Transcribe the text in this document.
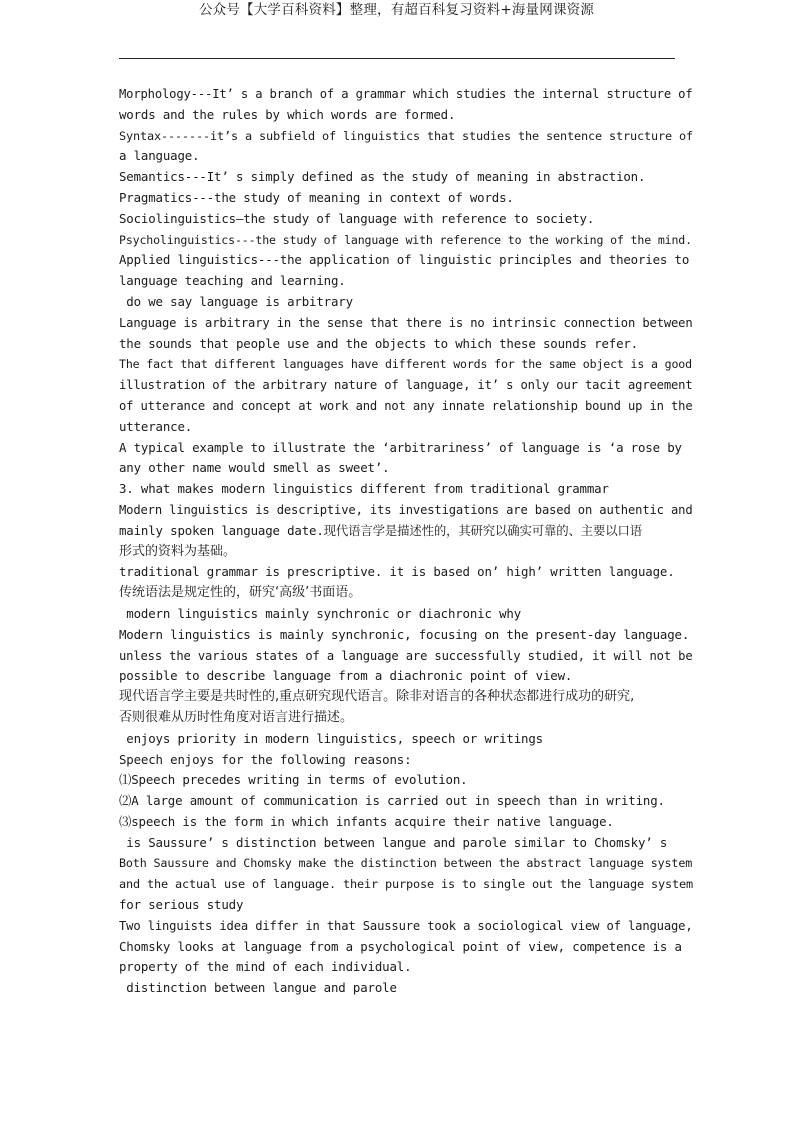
公众号【大学百科资料】整理，有超百科复习资料+海量网课资源
Morphology---It’ s a branch of a grammar which studies the internal structure of
words and the rules by which words are formed.
Syntax-------it’s a subfield of linguistics that studies the sentence structure of
a language.
Semantics---It’ s simply defined as the study of meaning in abstraction.
Pragmatics---the study of meaning in context of words.
Sociolinguistics—the study of language with reference to society.
Psycholinguistics---the study of language with reference to the working of the mind.
Applied linguistics---the application of linguistic principles and theories to
language teaching and learning.
do we say language is arbitrary
Language is arbitrary in the sense that there is no intrinsic connection between
the sounds that people use and the objects to which these sounds refer.
The fact that different languages have different words for the same object is a good
illustration of the arbitrary nature of language, it’ s only our tacit agreement
of utterance and concept at work and not any innate relationship bound up in the
utterance.
A typical example to illustrate the ‘arbitrariness’ of language is ‘a rose by
any other name would smell as sweet’.
3. what makes modern linguistics different from traditional grammar
Modern linguistics is descriptive, its investigations are based on authentic and
mainly spoken language date.现代语言学是描述性的，其研究以确实可靠的、主要以口语
形式的资料为基础。
traditional grammar is prescriptive. it is based on’ high’ written language.
传统语法是规定性的，研究‘高级’书面语。
modern linguistics mainly synchronic or diachronic why
Modern linguistics is mainly synchronic, focusing on the present-day language.
unless the various states of a language are successfully studied, it will not be
possible to describe language from a diachronic point of view.
现代语言学主要是共时性的,重点研究现代语言。除非对语言的各种状态都进行成功的研究,
否则很难从历时性角度对语言进行描述。
enjoys priority in modern linguistics, speech or writings
Speech enjoys for the following reasons:
⑴Speech precedes writing in terms of evolution.
⑵A large amount of communication is carried out in speech than in writing.
⑶speech is the form in which infants acquire their native language.
is Saussure’ s distinction between langue and parole similar to Chomsky’ s
Both Saussure and Chomsky make the distinction between the abstract language system
and the actual use of language. their purpose is to single out the language system
for serious study
Two linguists idea differ in that Saussure took a sociological view of language,
Chomsky looks at language from a psychological point of view, competence is a
property of the mind of each individual.
distinction between langue and parole
